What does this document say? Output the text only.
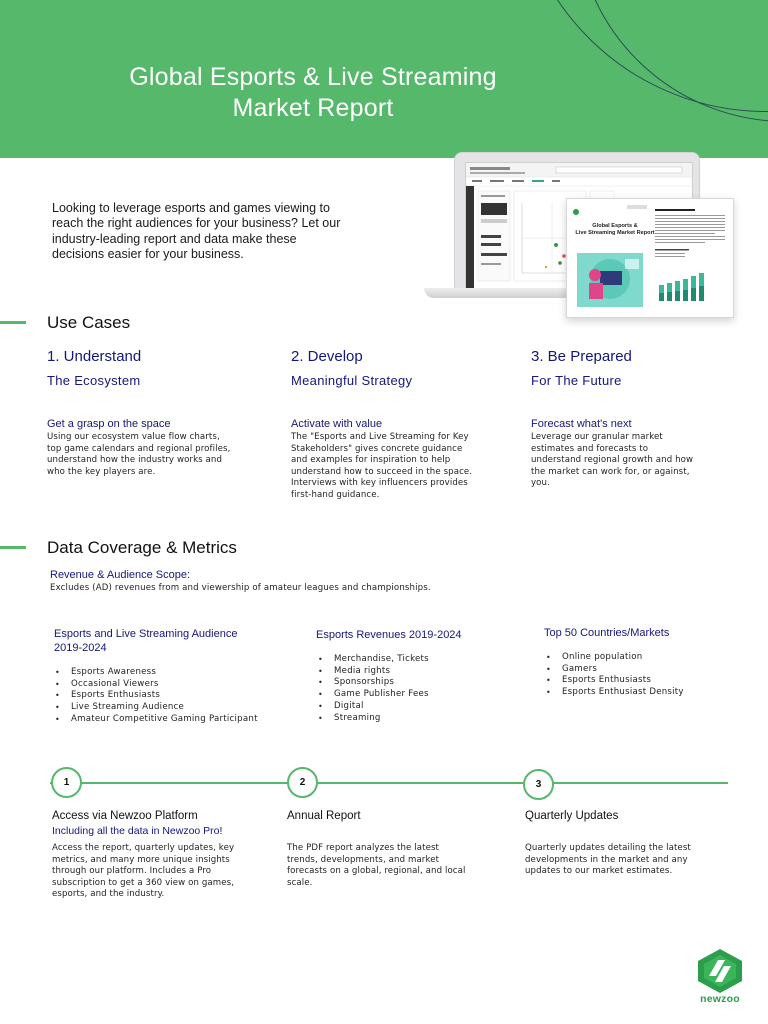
Global Esports & Live Streaming
Market Report
Looking to leverage esports and games viewing to reach the right audiences for your business? Let our industry-leading report and data make these decisions easier for your business.
Global Esports &
Live Streaming Market Report
Use Cases
1. Understand
The Ecosystem
Get a grasp on the space
Using our ecosystem value flow charts, top game calendars and regional profiles, understand how the industry works and who the key players are.
2. Develop
Meaningful Strategy
Activate with value
The "Esports and Live Streaming for Key Stakeholders" gives concrete guidance and examples for inspiration to help understand how to succeed in the space. Interviews with key influencers provides first-hand guidance.
3. Be Prepared
For The Future
Forecast what's next
Leverage our granular market estimates and forecasts to understand regional growth and how the market can work for, or against, you.
Data Coverage & Metrics
Revenue & Audience Scope:
Excludes (AD) revenues from and viewership of amateur leagues and championships.
Esports and Live Streaming Audience
2019-2024
• Esports Awareness
• Occasional Viewers
• Esports Enthusiasts
• Live Streaming Audience
• Amateur Competitive Gaming Participant
Esports Revenues 2019-2024
• Merchandise, Tickets
• Media rights
• Sponsorships
• Game Publisher Fees
• Digital
• Streaming
Top 50 Countries/Markets
• Online population
• Gamers
• Esports Enthusiasts
• Esports Enthusiast Density
1
Access via Newzoo Platform
Including all the data in Newzoo Pro!
Access the report, quarterly updates, key metrics, and many more unique insights through our platform. Includes a Pro subscription to get a 360 view on games, esports, and the industry.
2
Annual Report
The PDF report analyzes the latest trends, developments, and market forecasts on a global, regional, and local scale.
3
Quarterly Updates
Quarterly updates detailing the latest developments in the market and any updates to our market estimates.
newzoo
